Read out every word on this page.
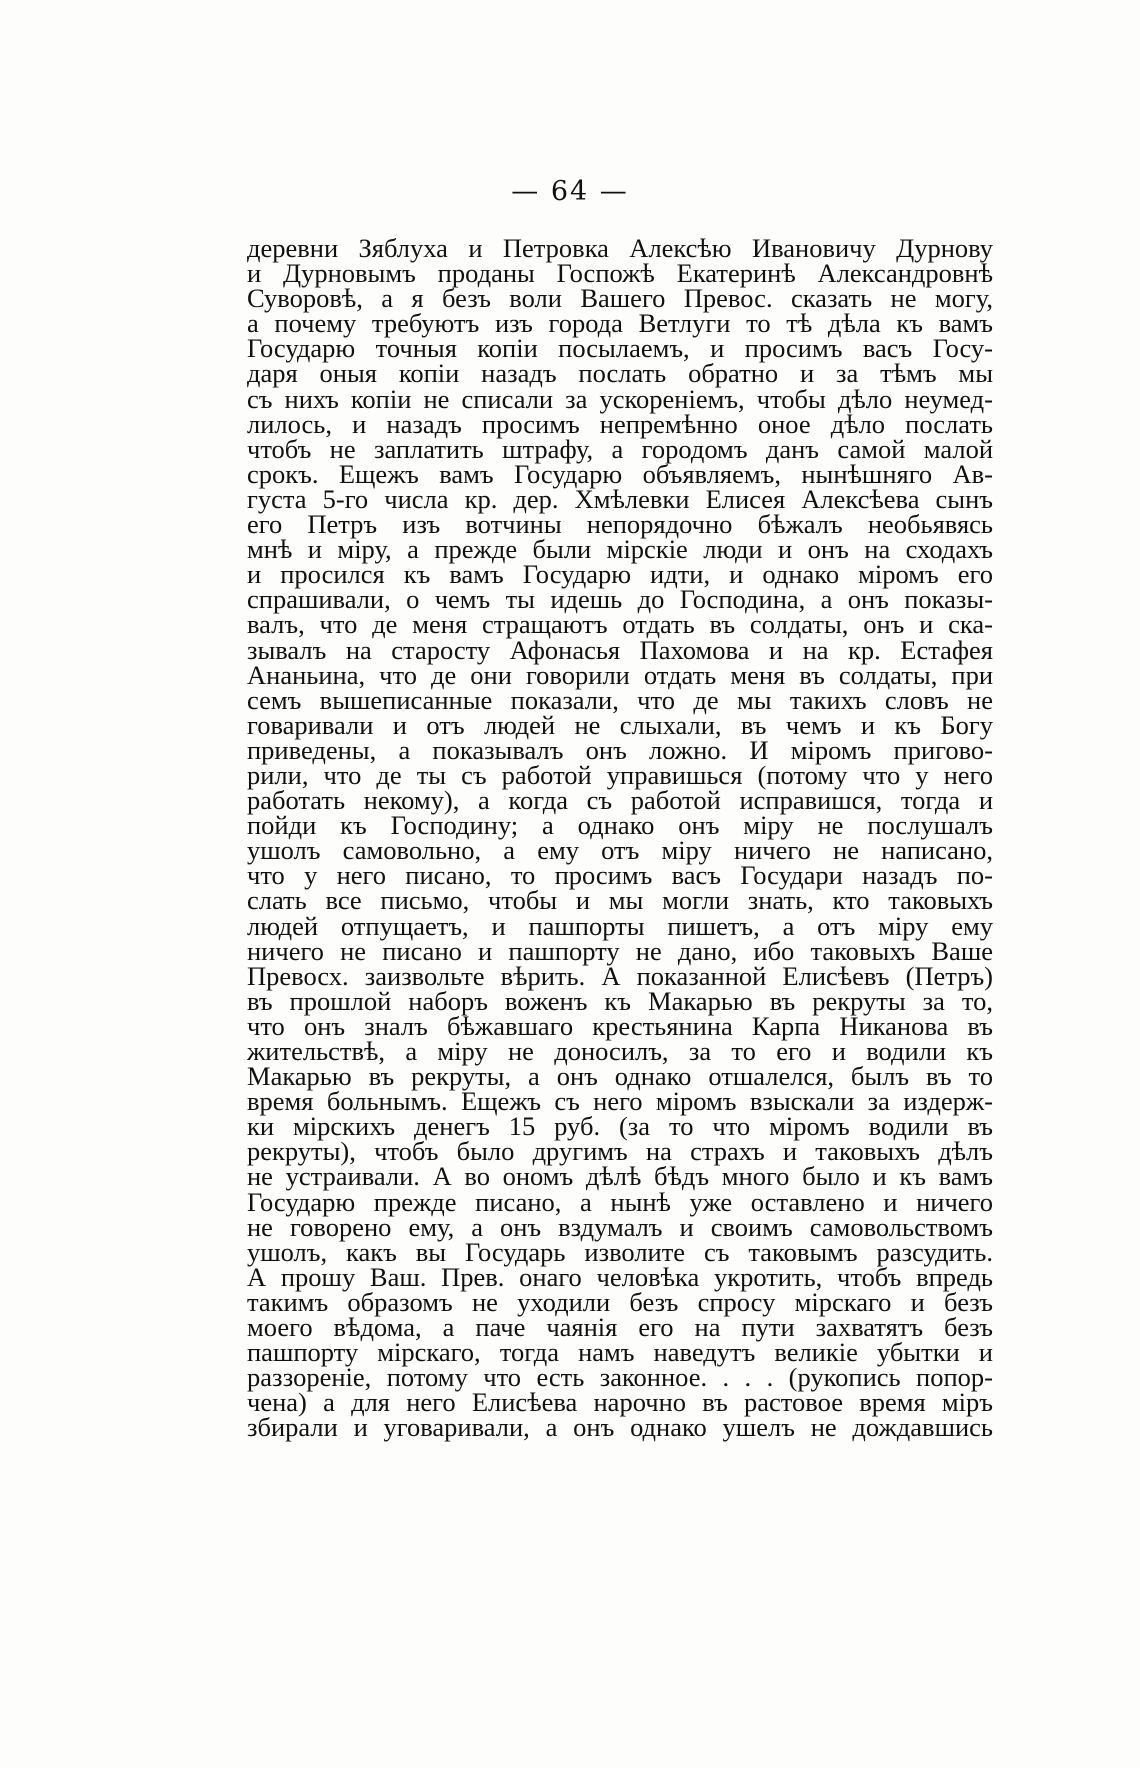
— 64 —
деревни Зяблуха и Петровка Алексѣю Ивановичу Дурнову
и Дурновымъ проданы Госпожѣ Екатеринѣ Александровнѣ
Суворовѣ, а я безъ воли Вашего Превос. сказать не могу,
а почему требуютъ изъ города Ветлуги то тѣ дѣла къ вамъ
Государю точныя копiи посылаемъ, и просимъ васъ Госу-
даря оныя копiи назадъ послать обратно и за тѣмъ мы
съ нихъ копiи не списали за ускоренiемъ, чтобы дѣло неумед-
лилось, и назадъ просимъ непремѣнно оное дѣло послать
чтобъ не заплатить штрафу, а городомъ данъ самой малой
срокъ. Ещежъ вамъ Государю объявляемъ, нынѣшняго Ав-
густа 5-го числа кр. дер. Хмѣлевки Елисея Алексѣева сынъ
его Петръ изъ вотчины непорядочно бѣжалъ необьявясь
мнѣ и мiру, а прежде были мiрскiе люди и онъ на сходахъ
и просился къ вамъ Государю идти, и однако мiромъ его
спрашивали, о чемъ ты идешь до Господина, а онъ показы-
валъ, что де меня стращаютъ отдать въ солдаты, онъ и ска-
зывалъ на старосту Афонасья Пахомова и на кр. Естафея
Ананьина, что де они говорили отдать меня въ солдаты, при
семъ вышеписанные показали, что де мы такихъ словъ не
говаривали и отъ людей не слыхали, въ чемъ и къ Богу
приведены, а показывалъ онъ ложно. И мiромъ пригово-
рили, что де ты съ работой управишься (потому что у него
работать некому), а когда съ работой исправишся, тогда и
пойди къ Господину; а однако онъ мiру не послушалъ
ушолъ самовольно, а ему отъ мiру ничего не написано,
что у него писано, то просимъ васъ Государи назадъ по-
слать все письмо, чтобы и мы могли знать, кто таковыхъ
людей отпущаетъ, и пашпорты пишетъ, а отъ мiру ему
ничего не писано и пашпорту не дано, ибо таковыхъ Ваше
Превосх. заизвольте вѣрить. А показанной Елисѣевъ (Петръ)
въ прошлой наборъ воженъ къ Макарью въ рекруты за то,
что онъ зналъ бѣжавшаго крестьянина Карпа Никанова въ
жительствѣ, а мiру не доносилъ, за то его и водили къ
Макарью въ рекруты, а онъ однако отшалелся, былъ въ то
время больнымъ. Ещежъ съ него мiромъ взыскали за издерж-
ки мiрскихъ денегъ 15 руб. (за то что мiромъ водили въ
рекруты), чтобъ было другимъ на страхъ и таковыхъ дѣлъ
не устраивали. А во ономъ дѣлѣ бѣдъ много было и къ вамъ
Государю прежде писано, а нынѣ уже оставлено и ничего
не говорено ему, а онъ вздумалъ и своимъ самовольствомъ
ушолъ, какъ вы Государь изволите съ таковымъ разсудить.
А прошу Ваш. Прев. онаго человѣка укротить, чтобъ впредь
такимъ образомъ не уходили безъ спросу мiрскаго и безъ
моего вѣдома, а паче чаянiя его на пути захватятъ безъ
пашпорту мiрскаго, тогда намъ наведутъ великiе убытки и
раззоренiе, потому что есть законное. . . . (рукопись попор-
чена) а для него Елисѣева нарочно въ растовое время мiръ
збирали и уговаривали, а онъ однако ушелъ не дождавшись
